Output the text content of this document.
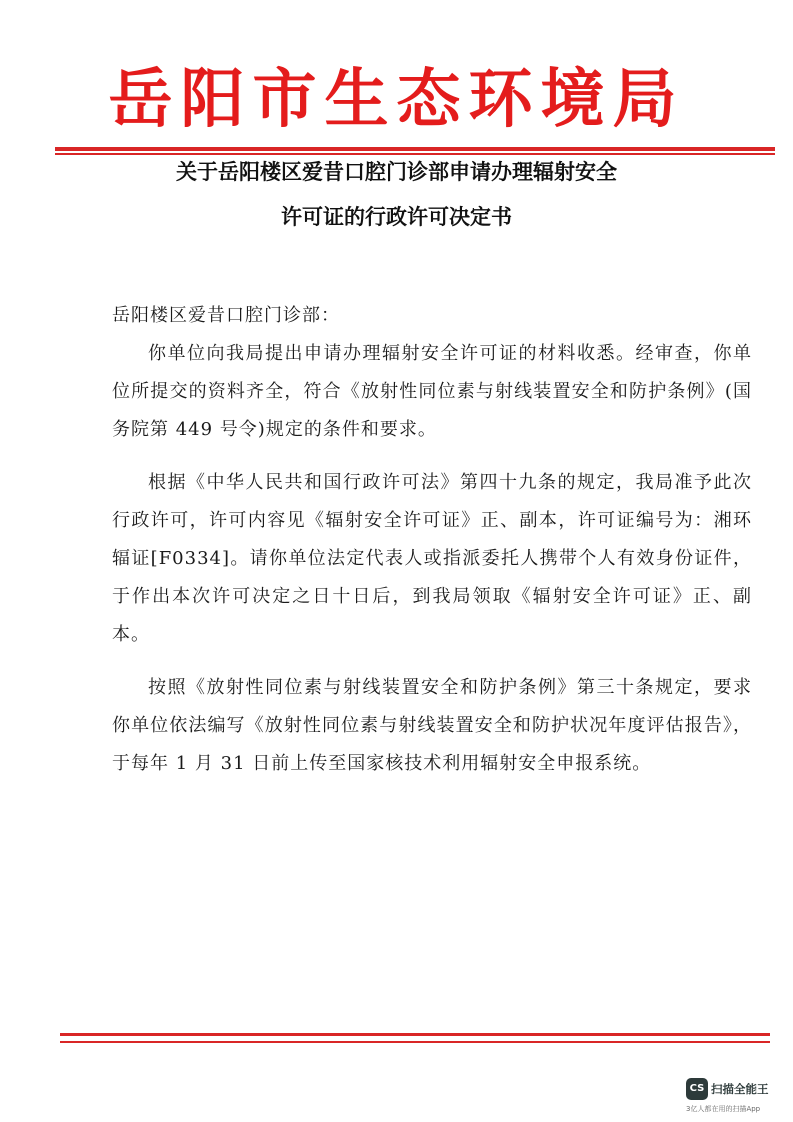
岳阳市生态环境局
关于岳阳楼区爱昔口腔门诊部申请办理辐射安全
许可证的行政许可决定书

岳阳楼区爱昔口腔门诊部：

你单位向我局提出申请办理辐射安全许可证的材料收悉。经审查，你单位所提交的资料齐全，符合《放射性同位素与射线装置安全和防护条例》(国务院第 449 号令)规定的条件和要求。

根据《中华人民共和国行政许可法》第四十九条的规定，我局准予此次行政许可，许可内容见《辐射安全许可证》正、副本，许可证编号为：湘环辐证[F0334]。请你单位法定代表人或指派委托人携带个人有效身份证件，于作出本次许可决定之日十日后，到我局领取《辐射安全许可证》正、副本。

按照《放射性同位素与射线装置安全和防护条例》第三十条规定，要求你单位依法编写《放射性同位素与射线装置安全和防护状况年度评估报告》，于每年 1 月 31 日前上传至国家核技术利用辐射安全申报系统。

CS 扫描全能王
3亿人都在用的扫描App
